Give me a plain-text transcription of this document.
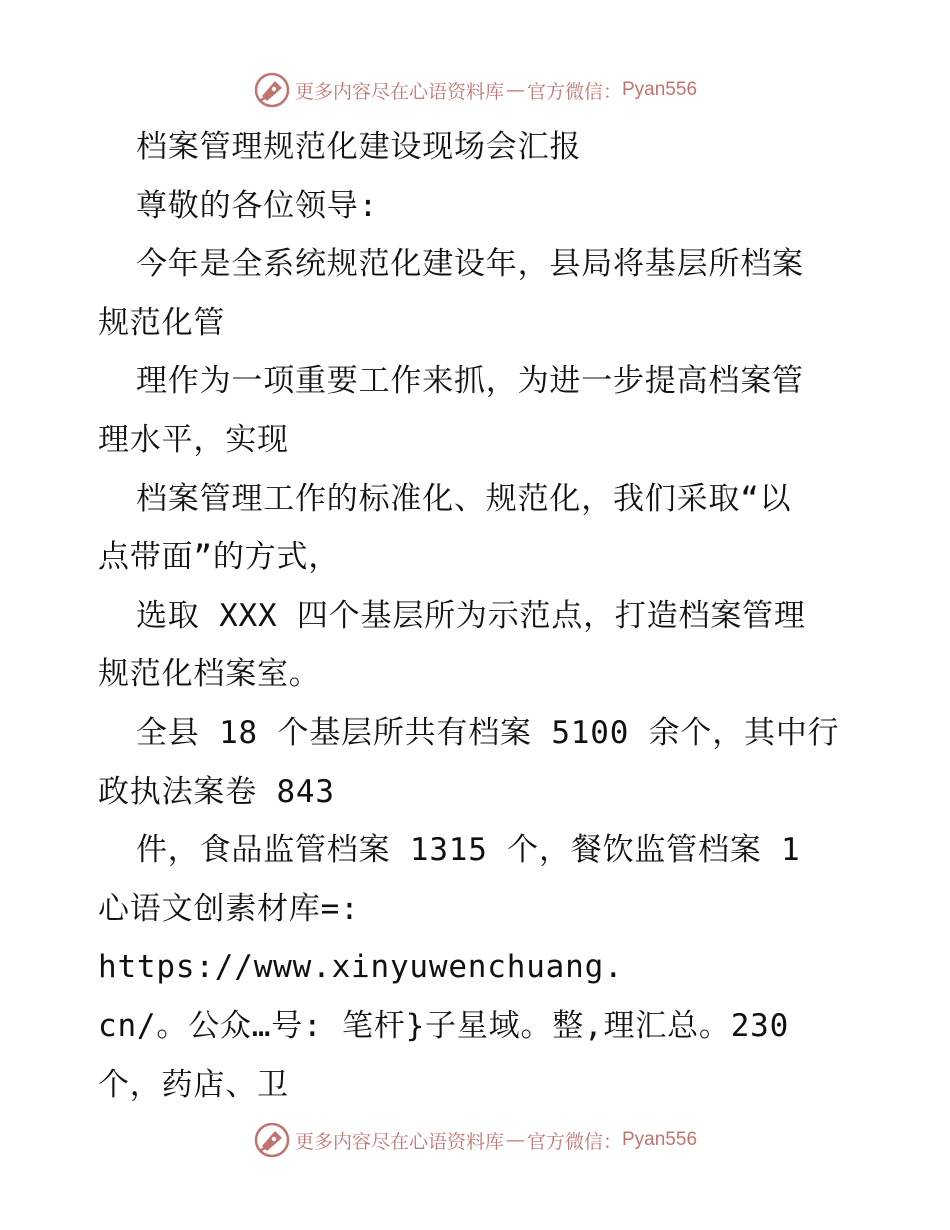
更多内容尽在心语资料库 — 官方微信： Pyan556

档案管理规范化建设现场会汇报

尊敬的各位领导:

今年是全系统规范化建设年，县局将基层所档案

规范化管

理作为一项重要工作来抓，为进一步提高档案管

理水平，实现

档案管理工作的标准化、规范化，我们采取“以

点带面”的方式，

选取 XXX 四个基层所为示范点，打造档案管理

规范化档案室。

全县 18 个基层所共有档案 5100 余个，其中行

政执法案卷 843

件，食品监管档案 1315 个，餐饮监管档案 1

心语文创素材库=: https://www.xinyuwenchuang.

cn/。公众…号: 笔杆}子星域。整,理汇总。230

个，药店、卫

更多内容尽在心语资料库 — 官方微信： Pyan556
